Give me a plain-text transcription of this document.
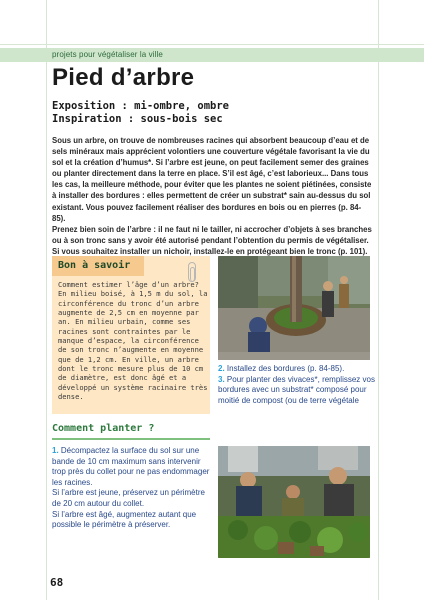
projets pour végétaliser la ville
Pied d’arbre
Exposition : mi-ombre, ombre
Inspiration : sous-bois sec

Sous un arbre, on trouve de nombreuses racines qui absorbent beaucoup d’eau et de sels minéraux mais apprécient volontiers une couverture végétale favorisant la vie du sol et la création d’humus*. Si l’arbre est jeune, on peut facilement semer des graines ou planter directement dans la terre en place. S’il est âgé, c’est laborieux... Dans tous les cas, la meilleure méthode, pour éviter que les plantes ne soient piétinées, consiste à installer des bordures : elles permettent de créer un substrat* sain au-dessus du sol existant. Vous pouvez facilement réaliser des bordures en bois ou en pierres (p. 84-85).

Prenez bien soin de l’arbre : il ne faut ni le tailler, ni accrocher d’objets à ses branches ou à son tronc sans y avoir été autorisé pendant l’obtention du permis de végétaliser. Si vous souhaitez installer un nichoir, installez-le en protégeant bien le tronc (p. 101).

Bon à savoir
Comment estimer l’âge d’un arbre? En milieu boisé, à 1,5 m du sol, la circonférence du tronc d’un arbre augmente de 2,5 cm en moyenne par an. En milieu urbain, comme ses racines sont contraintes par le manque d’espace, la circonférence de son tronc n’augmente en moyenne que de 1,2 cm. En ville, un arbre dont le tronc mesure plus de 10 cm de diamètre, est donc âgé et a développé un système racinaire très dense.
Comment planter ?
1. Décompactez la surface du sol sur une bande de 10 cm maximum sans intervenir trop près du collet pour ne pas endommager les racines.
Si l’arbre est jeune, préservez un périmètre de 20 cm autour du collet.
Si l’arbre est âgé, augmentez autant que possible le périmètre à préserver.
2. Installez des bordures (p. 84-85).
3. Pour planter des vivaces*, remplissez vos bordures avec un substrat* composé pour moitié de compost (ou de terre végétale
68
